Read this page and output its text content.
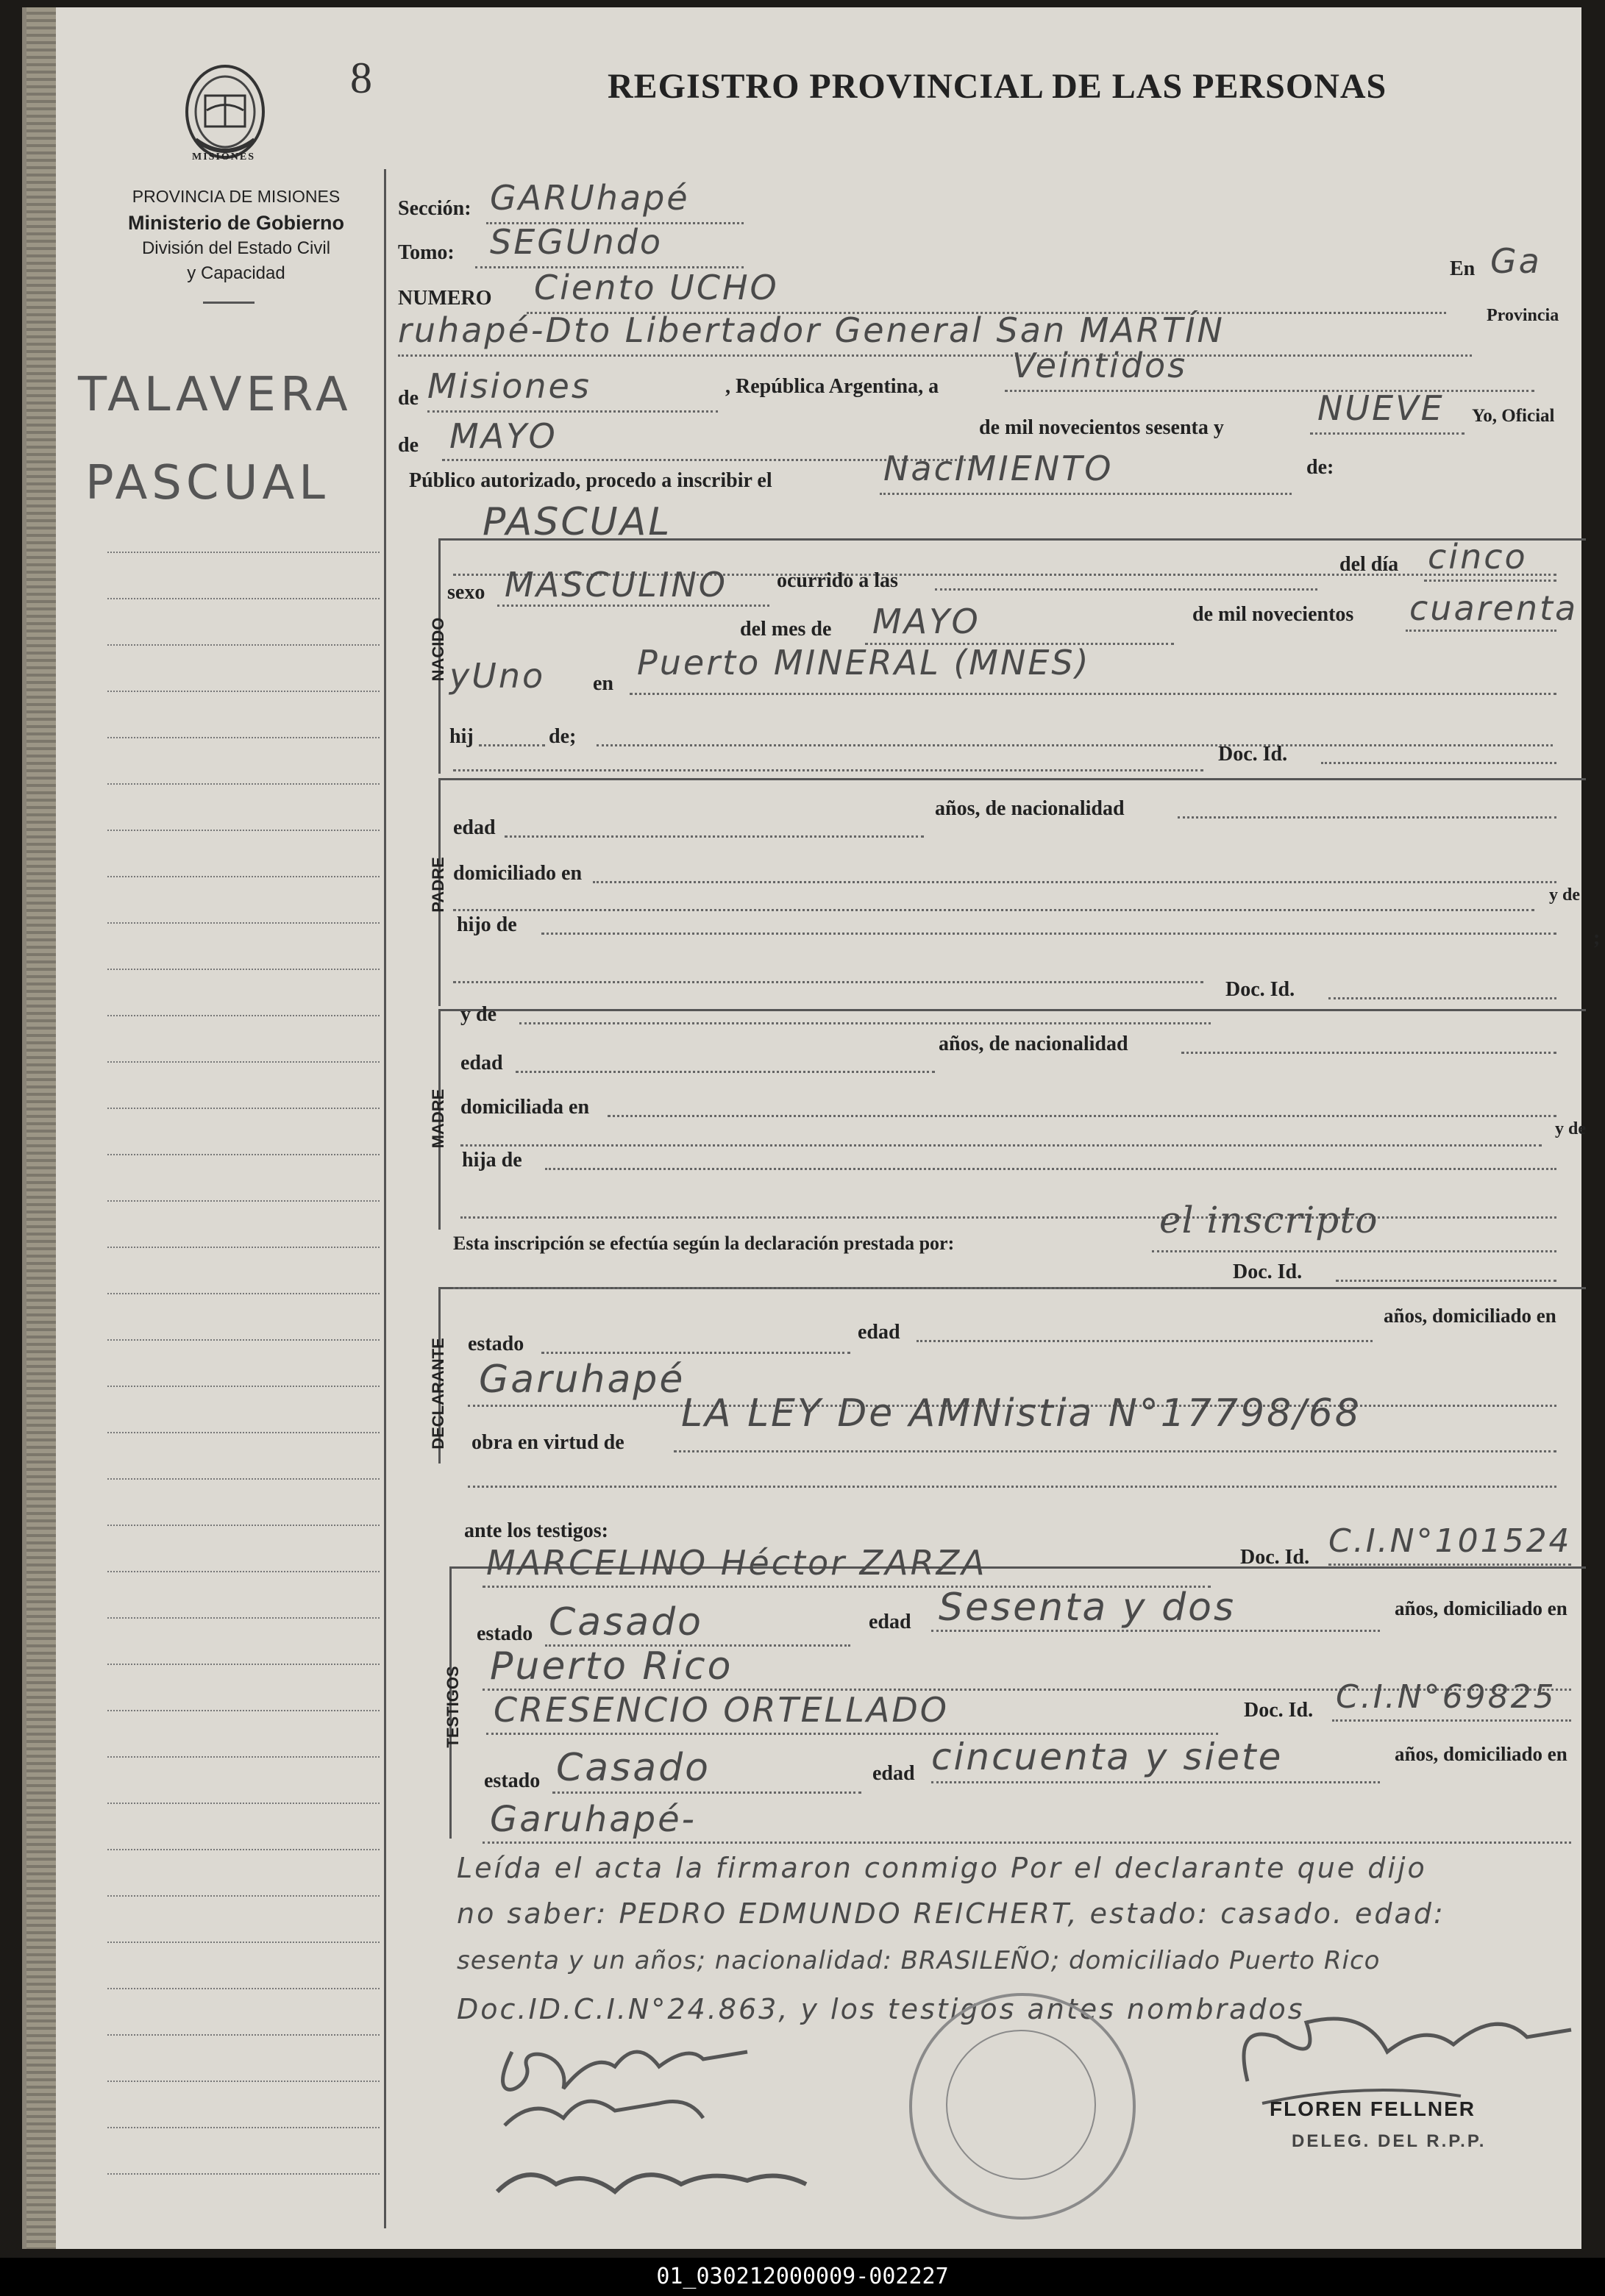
MISIONES
8	REGISTRO PROVINCIAL DE LAS PERSONAS
PROVINCIA DE MISIONES
Ministerio de Gobierno
División del Estado Civil
y Capacidad
TALAVERA
PASCUAL
Sección: GARUhapé
Tomo: SEGUndo
NUMERO Ciento UCHO	En Ga
ruhapé-Dto Libertador General San MARTÍN	Provincia
de Misiones	, República Argentina, a
Veintidos
de MAYO	de mil novecientos sesenta y	NUEVE Yo, Oficial
Público autorizado, procedo a inscribir el	NacIMIENTO	de:
NACIDO
PASCUAL
sexo MASCULINO ocurrido a las
del día cinco
del mes de MAYO	de mil novecientos cuarenta
yUno en
Puerto MINERAL (MNES)
hij	de;
Doc. Id.
PADRE
edad
años, de nacionalidad
domiciliado en
y de
hijo de
;
Doc. Id.
MADRE
y de
edad
años, de nacionalidad
domiciliada en
y de
hija de
Esta inscripción se efectúa según la declaración prestada por:
el inscripto
DECLARANTE
Doc. Id.
estado
edad
años, domiciliado en
Garuhapé
obra en virtud de
LA LEY De AMNistia N°17798/68
ante los testigos:
TESTIGOS
MARCELINO Héctor ZARZA	Doc. Id. C.I.N°101524
estado Casado	edad Sesenta y dos	años, domiciliado en
Puerto Rico
CRESENCIO ORTELLADO	Doc. Id. C.I.N°69825
estado Casado	edad cincuenta y siete	años, domiciliado en
Garuhapé-
Leída el acta la firmaron conmigo Por el declarante que dijo
no saber: PEDRO EDMUNDO REICHERT, estado: casado. edad:
sesenta y un años; nacionalidad: BRASILEÑO; domiciliado Puerto Rico
Doc.ID.C.I.N°24.863, y los testigos antes nombrados
FLOREN FELLNER
DELEG. DEL R.P.P.
01_030212000009-002227
